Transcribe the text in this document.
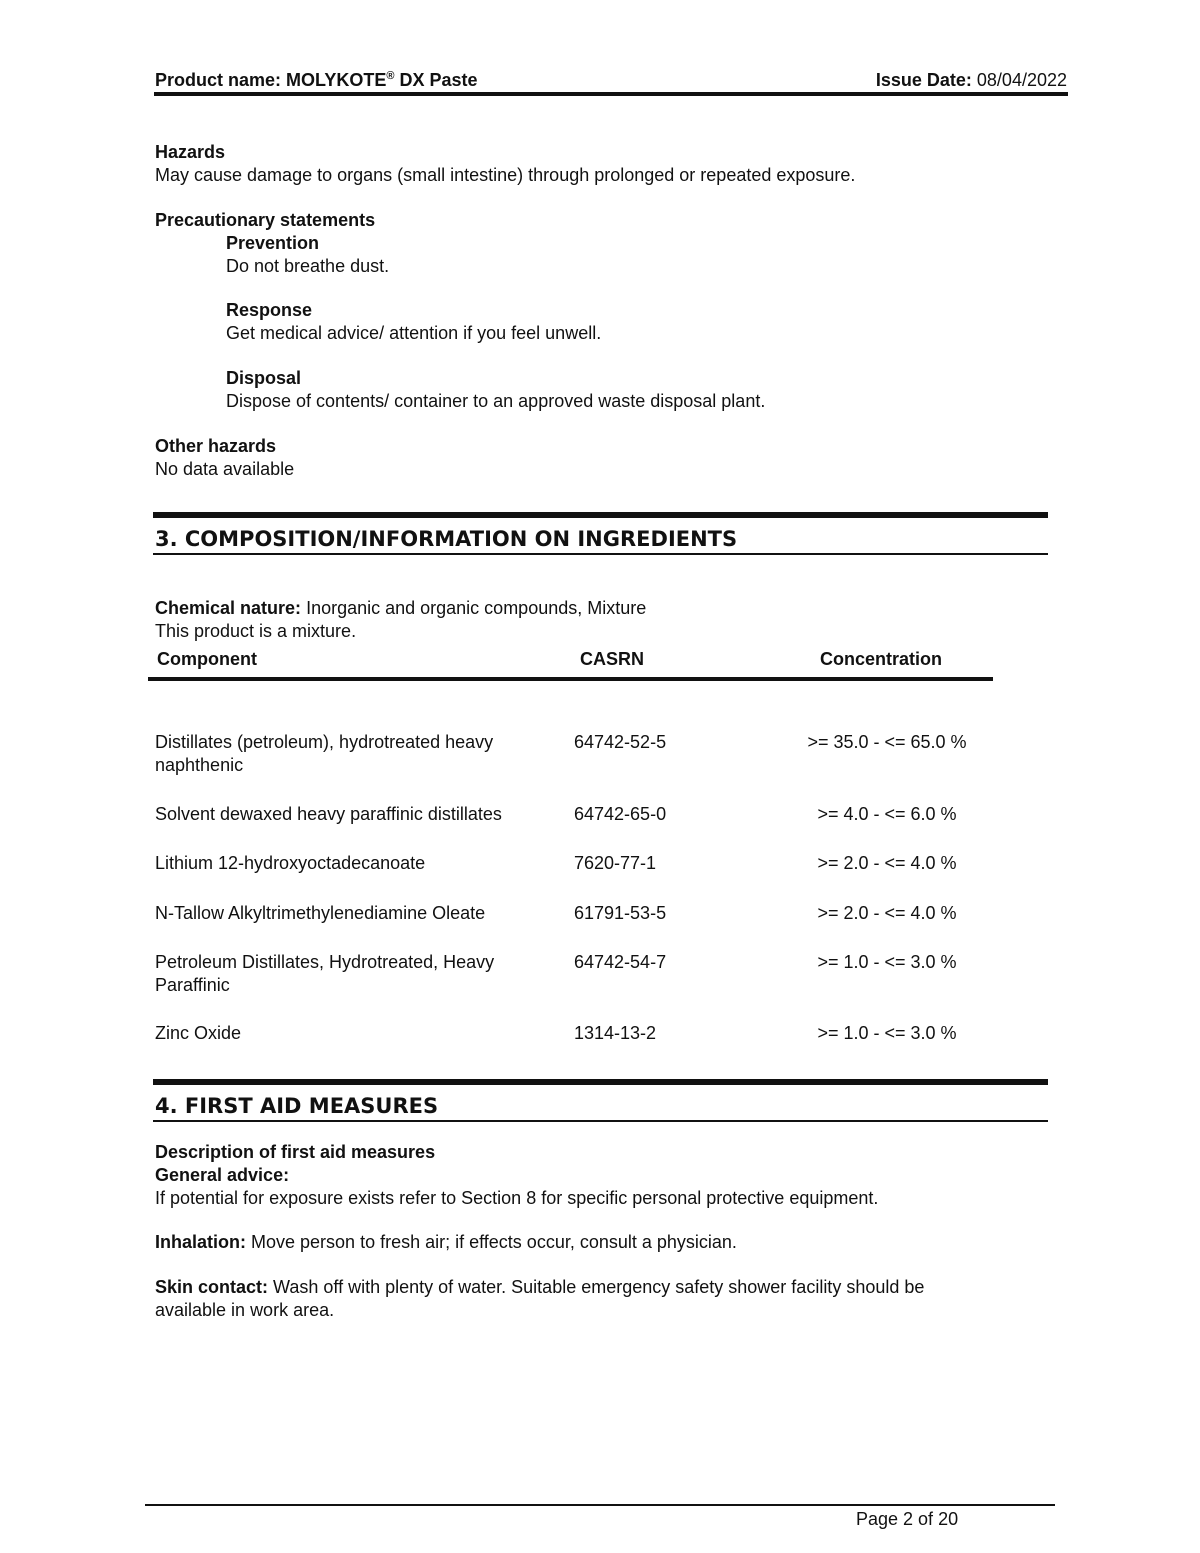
Product name: MOLYKOTE® DX Paste	Issue Date: 08/04/2022
Hazards
May cause damage to organs (small intestine) through prolonged or repeated exposure.
Precautionary statements
Prevention
Do not breathe dust.
Response
Get medical advice/ attention if you feel unwell.
Disposal
Dispose of contents/ container to an approved waste disposal plant.
Other hazards
No data available
3. COMPOSITION/INFORMATION ON INGREDIENTS
Chemical nature: Inorganic and organic compounds, Mixture
This product is a mixture.
Component	CASRN	Concentration
Distillates (petroleum), hydrotreated heavy
naphthenic
64742-52-5	>= 35.0 - <= 65.0 %
Solvent dewaxed heavy paraffinic distillates	64742-65-0	>= 4.0 - <= 6.0 %
Lithium 12-hydroxyoctadecanoate	7620-77-1	>= 2.0 - <= 4.0 %
N-Tallow Alkyltrimethylenediamine Oleate	61791-53-5	>= 2.0 - <= 4.0 %
Petroleum Distillates, Hydrotreated, Heavy
Paraffinic
64742-54-7	>= 1.0 - <= 3.0 %
Zinc Oxide	1314-13-2	>= 1.0 - <= 3.0 %
4. FIRST AID MEASURES
Description of first aid measures
General advice:
If potential for exposure exists refer to Section 8 for specific personal protective equipment.
Inhalation: Move person to fresh air; if effects occur, consult a physician.
Skin contact: Wash off with plenty of water. Suitable emergency safety shower facility should be
available in work area.
Page 2 of 20
